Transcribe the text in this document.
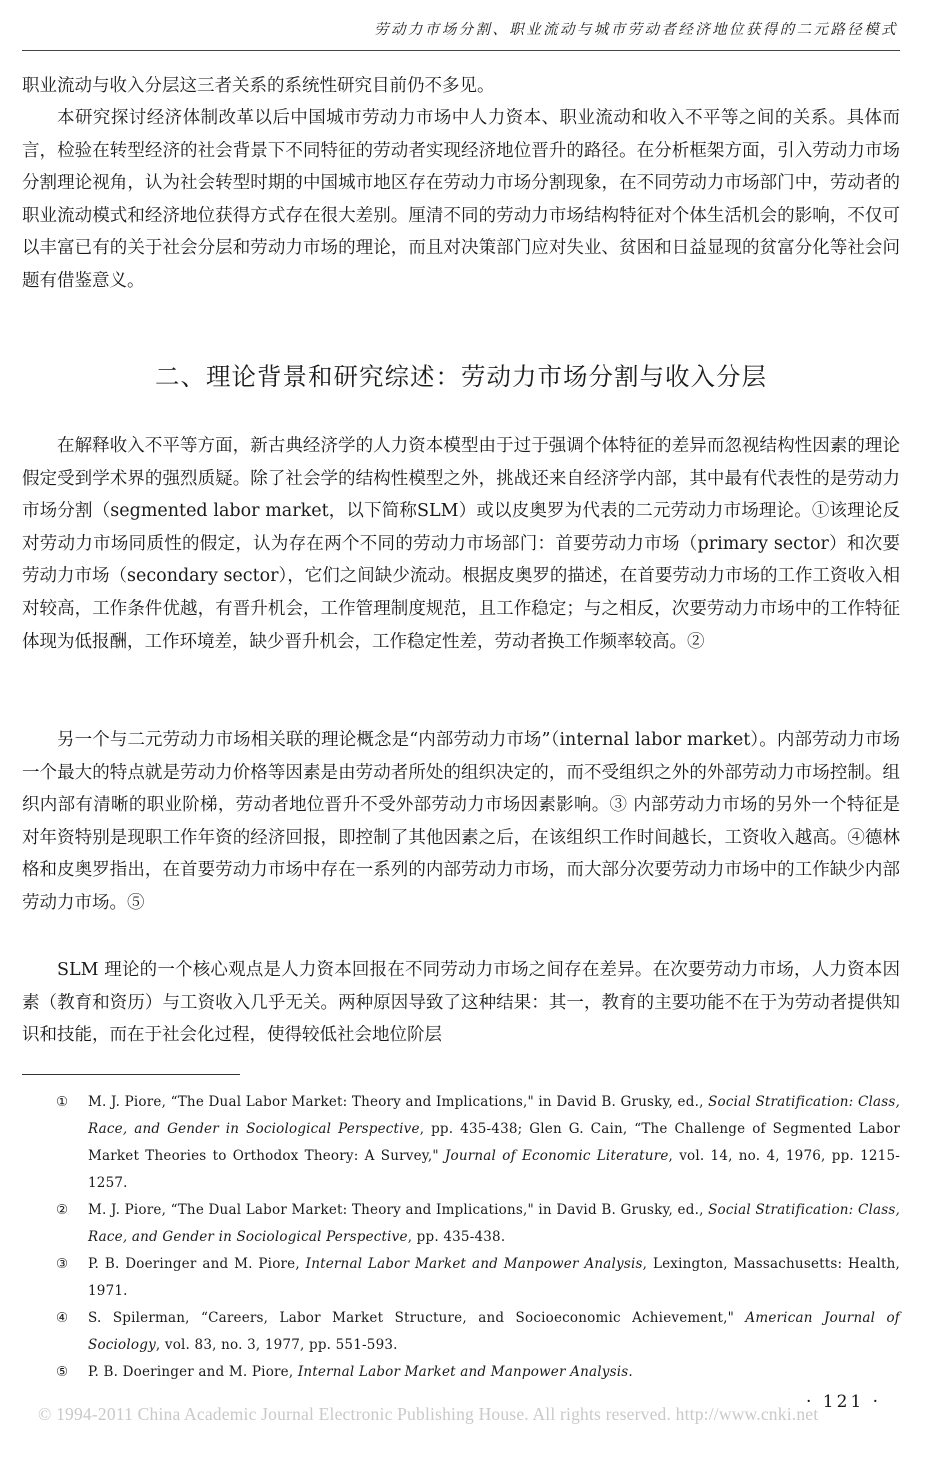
劳动力市场分割、职业流动与城市劳动者经济地位获得的二元路径模式

职业流动与收入分层这三者关系的系统性研究目前仍不多见。

本研究探讨经济体制改革以后中国城市劳动力市场中人力资本、职业流动和收入不平等之间的关系。具体而言，检验在转型经济的社会背景下不同特征的劳动者实现经济地位晋升的路径。在分析框架方面，引入劳动力市场分割理论视角，认为社会转型时期的中国城市地区存在劳动力市场分割现象，在不同劳动力市场部门中，劳动者的职业流动模式和经济地位获得方式存在很大差别。厘清不同的劳动力市场结构特征对个体生活机会的影响，不仅可以丰富已有的关于社会分层和劳动力市场的理论，而且对决策部门应对失业、贫困和日益显现的贫富分化等社会问题有借鉴意义。

二、理论背景和研究综述：劳动力市场分割与收入分层

在解释收入不平等方面，新古典经济学的人力资本模型由于过于强调个体特征的差异而忽视结构性因素的理论假定受到学术界的强烈质疑。除了社会学的结构性模型之外，挑战还来自经济学内部，其中最有代表性的是劳动力市场分割（segmented labor market，以下简称SLM）或以皮奥罗为代表的二元劳动力市场理论。①该理论反对劳动力市场同质性的假定，认为存在两个不同的劳动力市场部门：首要劳动力市场（primary sector）和次要劳动力市场（secondary sector），它们之间缺少流动。根据皮奥罗的描述，在首要劳动力市场的工作工资收入相对较高，工作条件优越，有晋升机会，工作管理制度规范，且工作稳定；与之相反，次要劳动力市场中的工作特征体现为低报酬，工作环境差，缺少晋升机会，工作稳定性差，劳动者换工作频率较高。②

另一个与二元劳动力市场相关联的理论概念是“内部劳动力市场”（internal labor market）。内部劳动力市场一个最大的特点就是劳动力价格等因素是由劳动者所处的组织决定的，而不受组织之外的外部劳动力市场控制。组织内部有清晰的职业阶梯，劳动者地位晋升不受外部劳动力市场因素影响。③ 内部劳动力市场的另外一个特征是对年资特别是现职工作年资的经济回报，即控制了其他因素之后，在该组织工作时间越长，工资收入越高。④德林格和皮奥罗指出，在首要劳动力市场中存在一系列的内部劳动力市场，而大部分次要劳动力市场中的工作缺少内部劳动力市场。⑤

SLM 理论的一个核心观点是人力资本回报在不同劳动力市场之间存在差异。在次要劳动力市场，人力资本因素（教育和资历）与工资收入几乎无关。两种原因导致了这种结果：其一，教育的主要功能不在于为劳动者提供知识和技能，而在于社会化过程，使得较低社会地位阶层

①	M. J. Piore, “The Dual Labor Market: Theory and Implications," in David B. Grusky, ed., Social Stratification: Class, Race, and Gender in Sociological Perspective, pp. 435-438; Glen G. Cain, “The Challenge of Segmented Labor Market Theories to Orthodox Theory: A Survey," Journal of Economic Literature, vol. 14, no. 4, 1976, pp. 1215-1257.
②	M. J. Piore, “The Dual Labor Market: Theory and Implications," in David B. Grusky, ed., Social Stratification: Class, Race, and Gender in Sociological Perspective, pp. 435-438.
③	P. B. Doeringer and M. Piore, Internal Labor Market and Manpower Analysis, Lexington, Massachusetts: Health, 1971.
④	S. Spilerman, “Careers, Labor Market Structure, and Socioeconomic Achievement," American Journal of Sociology, vol. 83, no. 3, 1977, pp. 551-593.
⑤	P. B. Doeringer and M. Piore, Internal Labor Market and Manpower Analysis.
· 121 ·
© 1994-2011 China Academic Journal Electronic Publishing House. All rights reserved. http://www.cnki.net
